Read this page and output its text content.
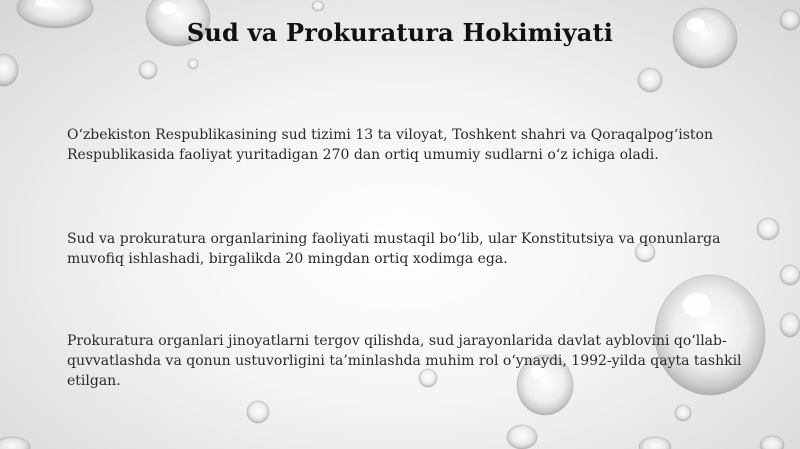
Sud va Prokuratura Hokimiyati
O‘zbekiston Respublikasining sud tizimi 13 ta viloyat, Toshkent shahri va Qoraqalpog‘iston Respublikasida faoliyat yuritadigan 270 dan ortiq umumiy sudlarni o‘z ichiga oladi.
Sud va prokuratura organlarining faoliyati mustaqil bo‘lib, ular Konstitutsiya va qonunlarga muvofiq ishlashadi, birgalikda 20 mingdan ortiq xodimga ega.
Prokuratura organlari jinoyatlarni tergov qilishda, sud jarayonlarida davlat ayblovini qo‘llab-quvvatlashda va qonun ustuvorligini ta’minlashda muhim rol o‘ynaydi, 1992-yilda qayta tashkil etilgan.
